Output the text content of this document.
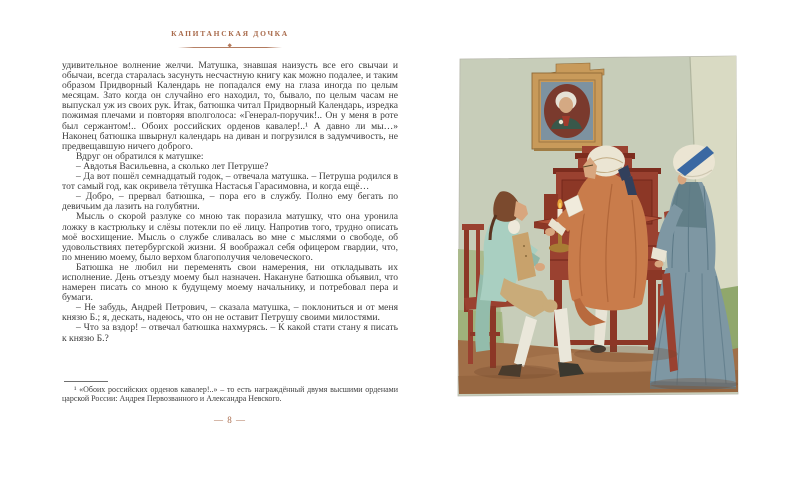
КАПИТАНСКАЯ ДОЧКА

удивительное волнение желчи. Матушка, знавшая наизусть все его свычаи и обычаи, всегда старалась засунуть несчастную книгу как можно подалее, и таким образом Придворный Календарь не попадался ему на глаза иногда по целым месяцам. Зато когда он случайно его находил, то, бывало, по целым часам не выпускал уж из своих рук. Итак, батюшка читал Придворный Календарь, изредка пожимая плечами и повторяя вполголоса: «Генерал-поручик!.. Он у меня в роте был сержантом!.. Обоих российских орденов кавалер!..¹ А давно ли мы…» Наконец батюшка швырнул календарь на диван и погрузился в задумчивость, не предвещавшую ничего доброго.

Вдруг он обратился к матушке:

– Авдотья Васильевна, а сколько лет Петруше?

– Да вот пошёл семнадцатый годок, – отвечала матушка. – Петруша родился в тот самый год, как окривела тётушка Настасья Гарасимовна, и когда ещё…

– Добро, – прервал батюшка, – пора его в службу. Полно ему бегать по девичьим да лазить на голубятни.

Мысль о скорой разлуке со мною так поразила матушку, что она уронила ложку в кастрюльку и слёзы потекли по её лицу. Напротив того, трудно описать моё восхищение. Мысль о службе сливалась во мне с мыслями о свободе, об удовольствиях петербургской жизни. Я воображал себя офицером гвардии, что, по мнению моему, было верхом благополучия человеческого.

Батюшка не любил ни переменять свои намерения, ни откладывать их исполнение. День отъезду моему был назначен. Накануне батюшка объявил, что намерен писать со мною к будущему моему начальнику, и потребовал пера и бумаги.

– Не забудь, Андрей Петрович, – сказала матушка, – поклониться и от меня князю Б.; я, дескать, надеюсь, что он не оставит Петрушу своими милостями.

– Что за вздор! – отвечал батюшка нахмурясь. – К какой стати стану я писать к князю Б.?

¹ «Обоих российских орденов кавалер!..» – то есть награждённый двумя высшими орденами царской России: Андрея Первозванного и Александра Невского.

— 8 —
